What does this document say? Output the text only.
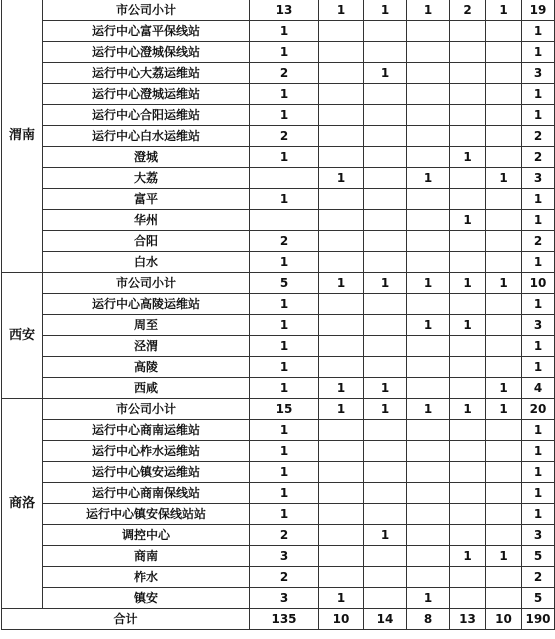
渭南	市公司小计	13	1	1	1	2	1	19
	运行中心富平保线站	1						1
	运行中心澄城保线站	1						1
	运行中心大荔运维站	2		1				3
	运行中心澄城运维站	1						1
	运行中心合阳运维站	1						1
	运行中心白水运维站	2						2
	澄城	1				1		2
	大荔		1		1		1	3
	富平	1						1
	华州					1		1
	合阳	2						2
	白水	1						1
西安	市公司小计	5	1	1	1	1	1	10
	运行中心高陵运维站	1						1
	周至	1			1	1		3
	泾渭	1						1
	高陵	1						1
	西咸	1	1	1			1	4
商洛	市公司小计	15	1	1	1	1	1	20
	运行中心商南运维站	1						1
	运行中心柞水运维站	1						1
	运行中心镇安运维站	1						1
	运行中心商南保线站	1						1
	运行中心镇安保线站站	1						1
	调控中心	2		1				3
	商南	3				1	1	5
	柞水	2						2
	镇安	3	1		1			5
合计		135	10	14	8	13	10	190
